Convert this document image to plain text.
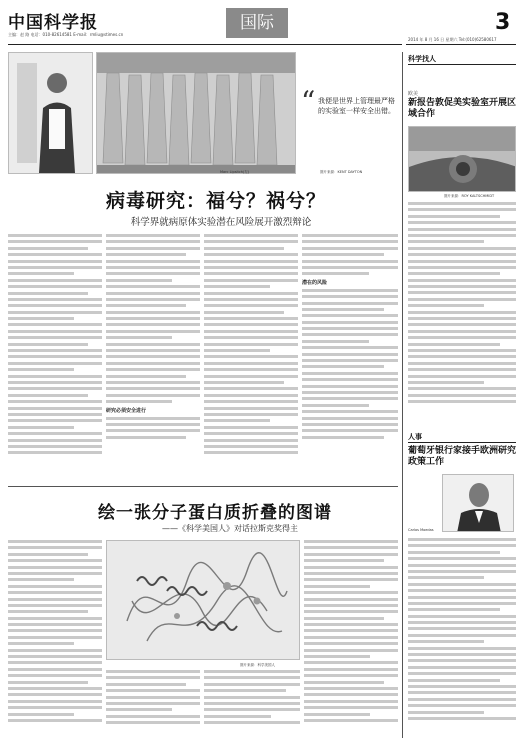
中国科学报
主编：赵 路 电话：010-82614581 E-mail：rmliu@stimes.cn
国际
2014 年 8 月 16 日 星期六 Tel:(010)62580617
3
“ 我便是世界上管理最严格的实验室一样安全出错。
Marc Lipsitch(左)	图片来源：KENT DAYTON
病毒研究：福兮？祸兮？
科学界就病原体实验潜在风险展开激烈辩论
研究必须安全进行
潜在的风险
绘一张分子蛋白质折叠的图谱
——《科学美国人》对话拉斯克奖得主
图片来源：科学美国人
科学找人
欧美
新报告敦促美实验室开展区域合作
图片来源：ROY KALTSCHMIDT
人事
葡萄牙银行家接手欧洲研究政策工作
Carlos Moedas
